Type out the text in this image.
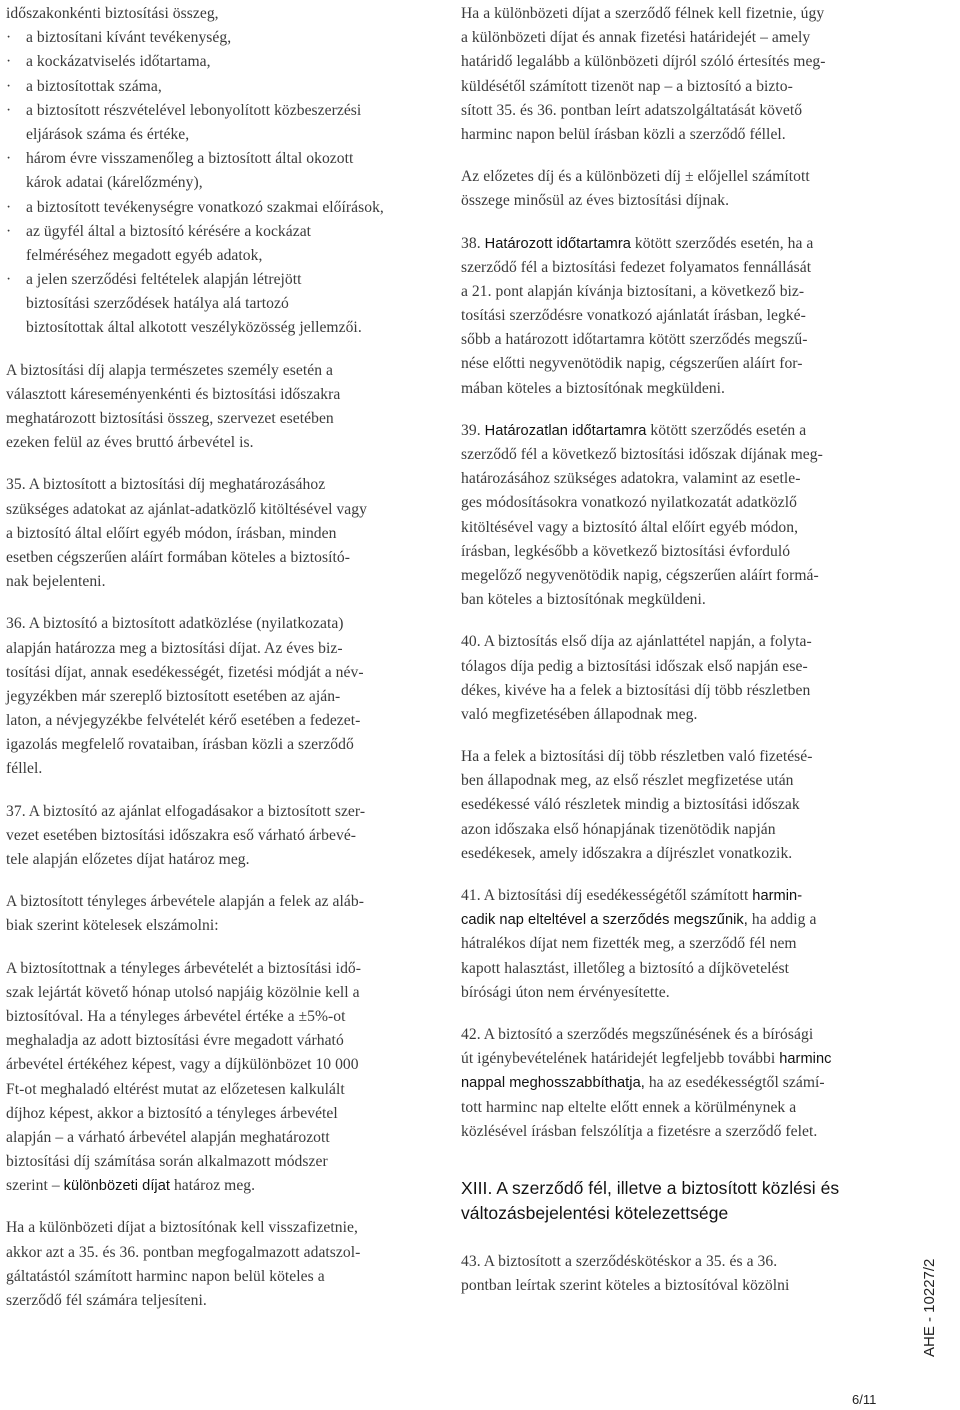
időszakonkénti biztosítási összeg,
· a biztosítani kívánt tevékenység,
· a kockázatviselés időtartama,
· a biztosítottak száma,
· a biztosított részvételével lebonyolított közbeszerzési
eljárások száma és értéke,
· három évre visszamenőleg a biztosított által okozott
károk adatai (kárelőzmény),
· a biztosított tevékenységre vonatkozó szakmai előírások,
· az ügyfél által a biztosító kérésére a kockázat
felméréséhez megadott egyéb adatok,
· a jelen szerződési feltételek alapján létrejött
biztosítási szerződések hatálya alá tartozó
biztosítottak által alkotott veszélyközösség jellemzői.
A biztosítási díj alapja természetes személy esetén a
választott káreseményenkénti és biztosítási időszakra
meghatározott biztosítási összeg, szervezet esetében
ezeken felül az éves bruttó árbevétel is.
35. A biztosított a biztosítási díj meghatározásához
szükséges adatokat az ajánlat-adatközlő kitöltésével vagy
a biztosító által előírt egyéb módon, írásban, minden
esetben cégszerűen aláírt formában köteles a biztosító-
nak bejelenteni.
36. A biztosító a biztosított adatközlése (nyilatkozata)
alapján határozza meg a biztosítási díjat. Az éves biz-
tosítási díjat, annak esedékességét, fizetési módját a név-
jegyzékben már szereplő biztosított esetében az aján-
laton, a névjegyzékbe felvételét kérő esetében a fedezet-
igazolás megfelelő rovataiban, írásban közli a szerződő
féllel.
37. A biztosító az ajánlat elfogadásakor a biztosított szer-
vezet esetében biztosítási időszakra eső várható árbevé-
tele alapján előzetes díjat határoz meg.
A biztosított tényleges árbevétele alapján a felek az aláb-
biak szerint kötelesek elszámolni:
A biztosítottnak a tényleges árbevételét a biztosítási idő-
szak lejártát követő hónap utolsó napjáig közölnie kell a
biztosítóval. Ha a tényleges árbevétel értéke a ±5%-ot
meghaladja az adott biztosítási évre megadott várható
árbevétel értékéhez képest, vagy a díjkülönbözet 10 000
Ft-ot meghaladó eltérést mutat az előzetesen kalkulált
díjhoz képest, akkor a biztosító a tényleges árbevétel
alapján – a várható árbevétel alapján meghatározott
biztosítási díj számítása során alkalmazott módszer
szerint – különbözeti díjat határoz meg.
Ha a különbözeti díjat a biztosítónak kell visszafizetnie,
akkor azt a 35. és 36. pontban megfogalmazott adatszol-
gáltatástól számított harminc napon belül köteles a
szerződő fél számára teljesíteni.
Ha a különbözeti díjat a szerződő félnek kell fizetnie, úgy
a különbözeti díjat és annak fizetési határidejét – amely
határidő legalább a különbözeti díjról szóló értesítés meg-
küldésétől számított tizenöt nap – a biztosító a bizto-
sított 35. és 36. pontban leírt adatszolgáltatását követő
harminc napon belül írásban közli a szerződő féllel.
Az előzetes díj és a különbözeti díj ± előjellel számított
összege minősül az éves biztosítási díjnak.
38. Határozott időtartamra kötött szerződés esetén, ha a
szerződő fél a biztosítási fedezet folyamatos fennállását
a 21. pont alapján kívánja biztosítani, a következő biz-
tosítási szerződésre vonatkozó ajánlatát írásban, legké-
sőbb a határozott időtartamra kötött szerződés megszű-
nése előtti negyvenötödik napig, cégszerűen aláírt for-
mában köteles a biztosítónak megküldeni.
39. Határozatlan időtartamra kötött szerződés esetén a
szerződő fél a következő biztosítási időszak díjának meg-
határozásához szükséges adatokra, valamint az esetle-
ges módosításokra vonatkozó nyilatkozatát adatközlő
kitöltésével vagy a biztosító által előírt egyéb módon,
írásban, legkésőbb a következő biztosítási évforduló
megelőző negyvenötödik napig, cégszerűen aláírt formá-
ban köteles a biztosítónak megküldeni.
40. A biztosítás első díja az ajánlattétel napján, a folyta-
tólagos díja pedig a biztosítási időszak első napján ese-
dékes, kivéve ha a felek a biztosítási díj több részletben
való megfizetésében állapodnak meg.
Ha a felek a biztosítási díj több részletben való fizetésé-
ben állapodnak meg, az első részlet megfizetése után
esedékessé váló részletek mindig a biztosítási időszak
azon időszaka első hónapjának tizenötödik napján
esedékesek, amely időszakra a díjrészlet vonatkozik.
41. A biztosítási díj esedékességétől számított harmin-
cadik nap elteltével a szerződés megszűnik, ha addig a
hátralékos díjat nem fizették meg, a szerződő fél nem
kapott halasztást, illetőleg a biztosító a díjkövetelést
bírósági úton nem érvényesítette.
42. A biztosító a szerződés megszűnésének és a bírósági
út igénybevételének határidejét legfeljebb további harminc
nappal meghosszabbíthatja, ha az esedékességtől számí-
tott harminc nap eltelte előtt ennek a körülménynek a
közlésével írásban felszólítja a fizetésre a szerződő felet.
XIII. A szerződő fél, illetve a biztosított közlési és
változásbejelentési kötelezettsége
43. A biztosított a szerződéskötéskor a 35. és a 36.
pontban leírtak szerint köteles a biztosítóval közölni	AHE - 10227/2
6/11
